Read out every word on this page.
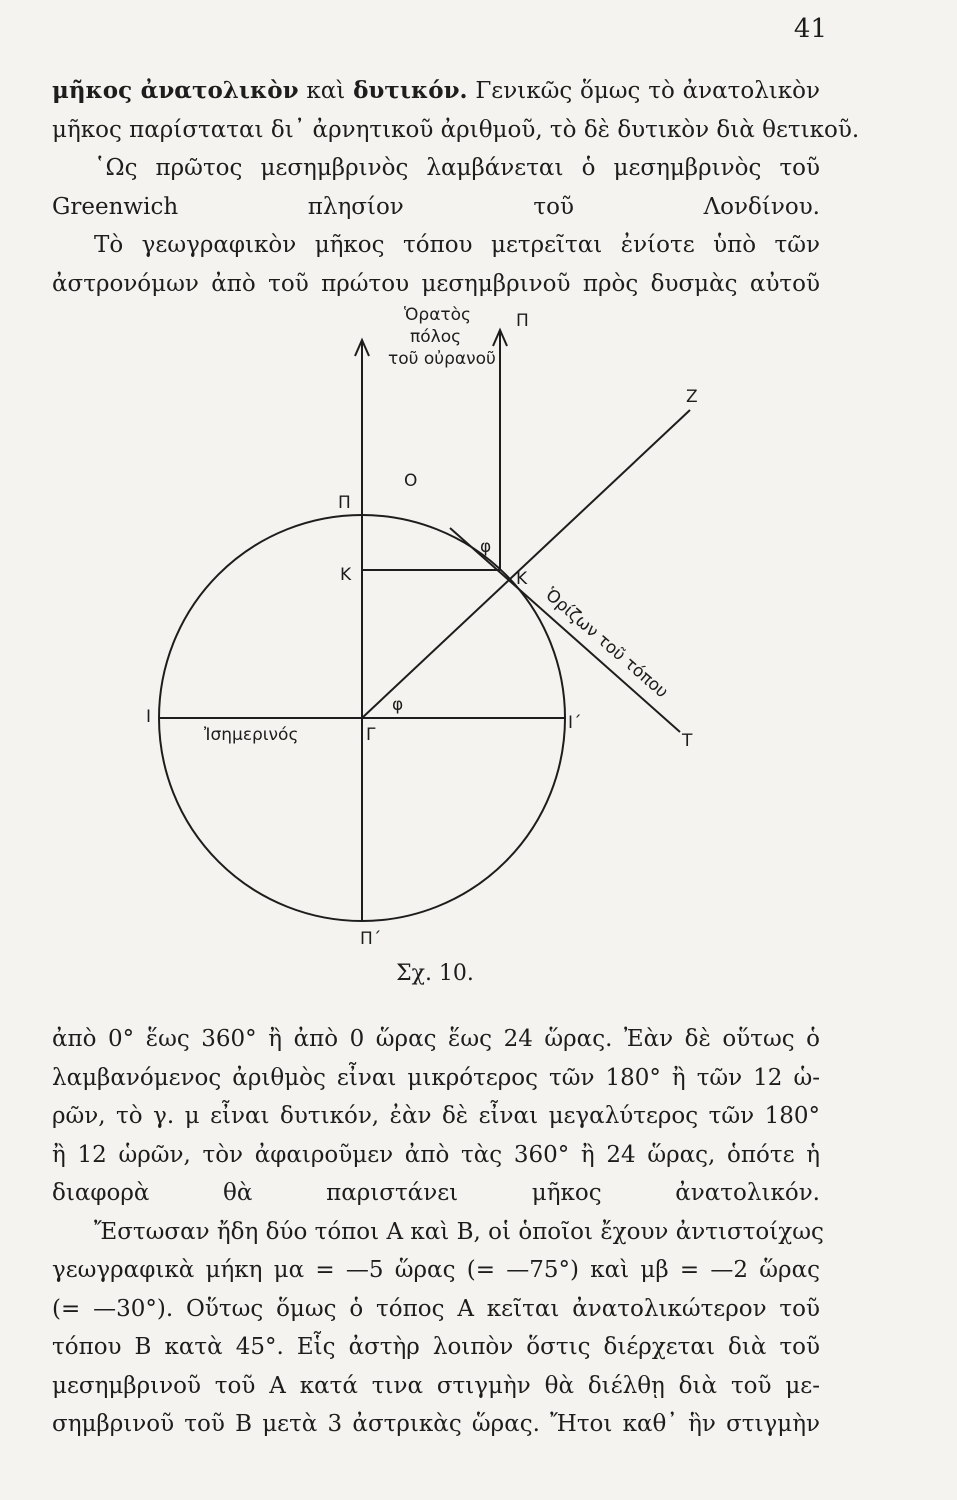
41
μῆκος ἀνατολικὸν καὶ δυτικόν. Γενικῶς ὅμως τὸ ἀνατολικὸν
μῆκος παρίσταται δι᾽ ἀρνητικοῦ ἀριθμοῦ, τὸ δὲ δυτικὸν διὰ θετικοῦ.
῾Ως πρῶτος μεσημβρινὸς λαμβάνεται ὁ μεσημβρινὸς τοῦ
Greenwich πλησίον τοῦ Λονδίνου.
Τὸ γεωγραφικὸν μῆκος τόπου μετρεῖται ἐνίοτε ὑπὸ τῶν
ἀστρονόμων ἀπὸ τοῦ πρώτου μεσημβρινοῦ πρὸς δυσμὰς αὐτοῦ
Ὁρατὸς
πόλος
τοῦ οὐρανοῦ
Π
Π
Π΄
Κ	Κ
Ο
Ζ
Τ
Ι	Ι΄
Γ
φ
φ
Ἰσημερινός
Ὁρίζων τοῦ τόπου
Σχ. 10.
ἀπὸ 0° ἕως 360° ἢ ἀπὸ 0 ὥρας ἕως 24 ὥρας. Ἐὰν δὲ οὕτως ὁ
λαμβανόμενος ἀριθμὸς εἶναι μικρότερος τῶν 180° ἢ τῶν 12 ὡ-
ρῶν, τὸ γ. μ εἶναι δυτικόν, ἐὰν δὲ εἶναι μεγαλύτερος τῶν 180°
ἢ 12 ὡρῶν, τὸν ἀφαιροῦμεν ἀπὸ τὰς 360° ἢ 24 ὥρας, ὁπότε ἡ
διαφορὰ θὰ παριστάνει μῆκος ἀνατολικόν.
Ἔστωσαν ἤδη δύο τόποι Α καὶ Β, οἱ ὁποῖοι ἔχουν ἀντιστοίχως
γεωγραφικὰ μήκη μα = —5 ὥρας (= —75°) καὶ μβ = —2 ὥρας
(= —30°). Οὕτως ὅμως ὁ τόπος Α κεῖται ἀνατολικώτερον τοῦ
τόπου Β κατὰ 45°. Εἷς ἀστὴρ λοιπὸν ὅστις διέρχεται διὰ τοῦ
μεσημβρινοῦ τοῦ Α κατά τινα στιγμὴν θὰ διέλθῃ διὰ τοῦ με-
σημβρινοῦ τοῦ Β μετὰ 3 ἀστρικὰς ὥρας. Ἤτοι καθ᾽ ἣν στιγμὴν
